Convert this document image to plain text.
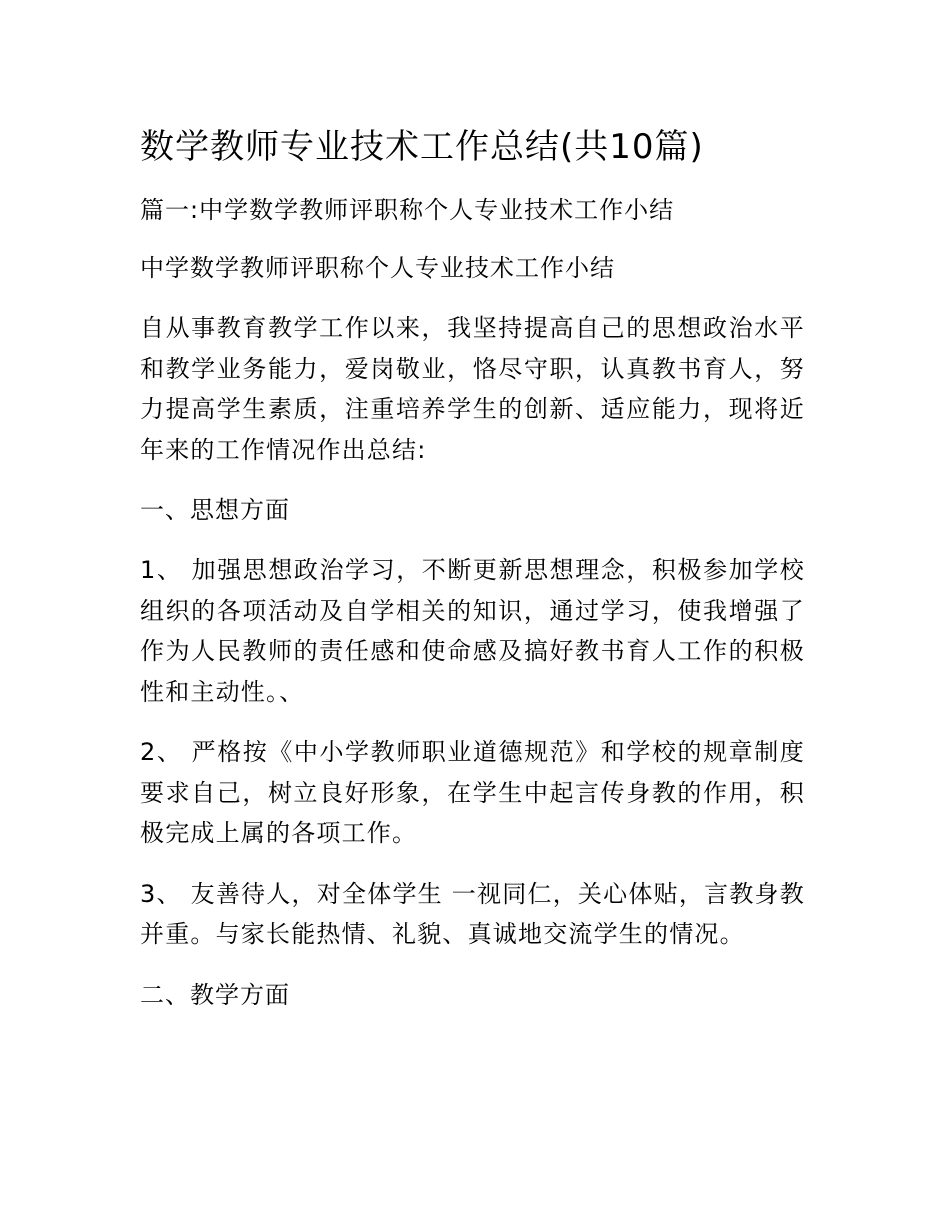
数学教师专业技术工作总结(共10篇)
篇一:中学数学教师评职称个人专业技术工作小结
中学数学教师评职称个人专业技术工作小结

自从事教育教学工作以来，我坚持提高自己的思想政治水平和教学业务能力，爱岗敬业，恪尽守职，认真教书育人，努力提高学生素质，注重培养学生的创新、适应能力，现将近年来的工作情况作出总结:

一、思想方面

1、 加强思想政治学习，不断更新思想理念，积极参加学校组织的各项活动及自学相关的知识，通过学习，使我增强了作为人民教师的责任感和使命感及搞好教书育人工作的积极性和主动性。、

2、 严格按《中小学教师职业道德规范》和学校的规章制度要求自己，树立良好形象，在学生中起言传身教的作用，积极完成上属的各项工作。

3、 友善待人，对全体学生 一视同仁，关心体贴，言教身教并重。与家长能热情、礼貌、真诚地交流学生的情况。

二、教学方面
